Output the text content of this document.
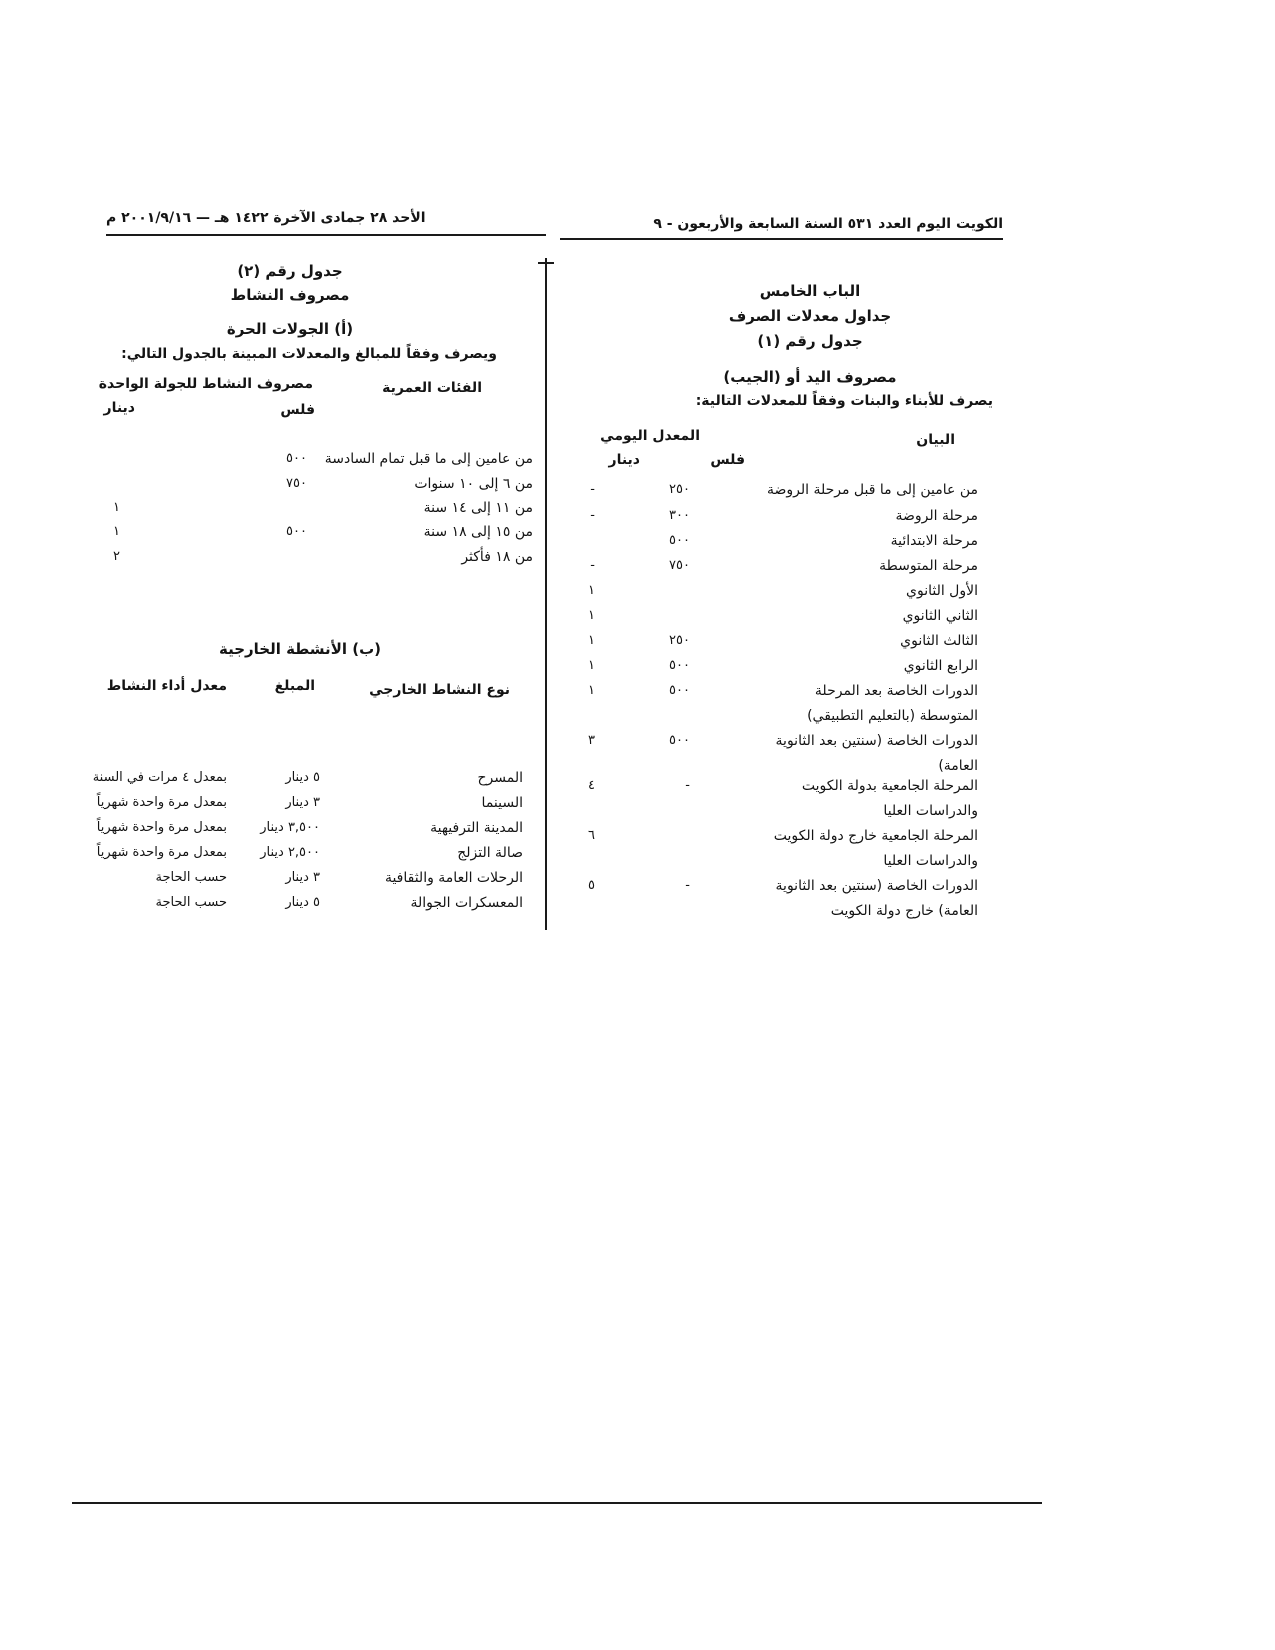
الكويت اليوم العدد ٥٣١ السنة السابعة والأربعون - ٩
الأحد ٢٨ جمادى الآخرة ١٤٢٢ هـ — ٢٠٠١/٩/١٦ م
الباب الخامس
جداول معدلات الصرف
جدول رقم (١)
مصروف اليد أو (الجيب)
يصرف للأبناء والبنات وفقاً للمعدلات التالية:
البيان
المعدل اليومي
فلس
دينار
من عامين إلى ما قبل مرحلة الروضة
٢٥٠
-
مرحلة الروضة
٣٠٠
-
مرحلة الابتدائية
٥٠٠
مرحلة المتوسطة
٧٥٠
-
الأول الثانوي
١
الثاني الثانوي
١
الثالث الثانوي
٢٥٠
١
الرابع الثانوي
٥٠٠
١
الدورات الخاصة بعد المرحلة
٥٠٠
١
المتوسطة (بالتعليم التطبيقي)
الدورات الخاصة (سنتين بعد الثانوية
٥٠٠
٣
العامة)
المرحلة الجامعية بدولة الكويت
-
٤
والدراسات العليا
المرحلة الجامعية خارج دولة الكويت
٦
والدراسات العليا
الدورات الخاصة (سنتين بعد الثانوية
-
٥
العامة) خارج دولة الكويت
جدول رقم (٢)
مصروف النشاط
(أ) الجولات الحرة
ويصرف وفقاً للمبالغ والمعدلات المبينة بالجدول التالي:
الفئات العمرية
مصروف النشاط للجولة الواحدة
فلس
دينار
من عامين إلى ما قبل تمام السادسة
٥٠٠
من ٦ إلى ١٠ سنوات
٧٥٠
من ١١ إلى ١٤ سنة
١
من ١٥ إلى ١٨ سنة
٥٠٠
١
من ١٨ فأكثر
٢
(ب) الأنشطة الخارجية
نوع النشاط الخارجي
المبلغ
معدل أداء النشاط
المسرح
٥ دينار
بمعدل ٤ مرات في السنة
السينما
٣ دينار
بمعدل مرة واحدة شهرياً
المدينة الترفيهية
٣,٥٠٠ دينار
بمعدل مرة واحدة شهرياً
صالة التزلج
٢,٥٠٠ دينار
بمعدل مرة واحدة شهرياً
الرحلات العامة والثقافية
٣ دينار
حسب الحاجة
المعسكرات الجوالة
٥ دينار
حسب الحاجة
